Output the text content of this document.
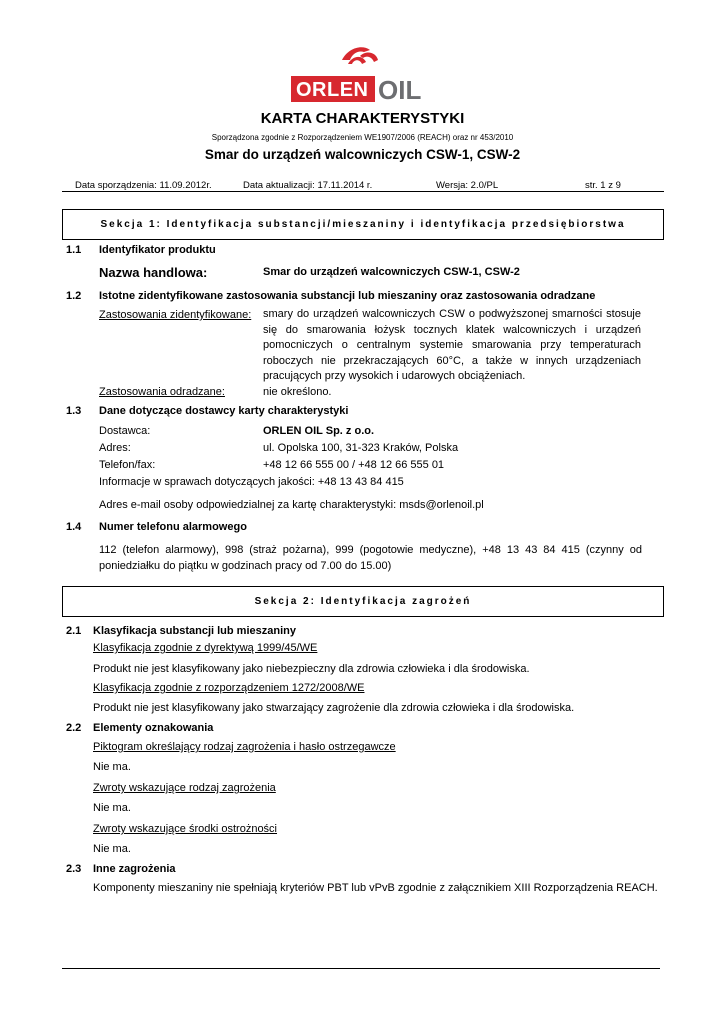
ORLEN OIL
KARTA CHARAKTERYSTYKI
Sporządzona zgodnie z Rozporządzeniem WE1907/2006 (REACH) oraz nr 453/2010
Smar do urządzeń walcowniczych CSW-1, CSW-2
Data sporządzenia: 11.09.2012r.	Data aktualizacji: 17.11.2014 r.	Wersja: 2.0/PL	str. 1 z 9
Sekcja 1: Identyfikacja substancji/mieszaniny i identyfikacja przedsiębiorstwa
1.1 Identyfikator produktu
Nazwa handlowa:	Smar do urządzeń walcowniczych CSW-1, CSW-2
1.2 Istotne zidentyfikowane zastosowania substancji lub mieszaniny oraz zastosowania odradzane
Zastosowania zidentyfikowane: smary do urządzeń walcowniczych CSW o podwyższonej smarności stosuje się do smarowania łożysk tocznych klatek walcowniczych i urządzeń pomocniczych o centralnym systemie smarowania przy temperaturach roboczych nie przekraczających 60°C, a także w innych urządzeniach pracujących przy wysokich i udarowych obciążeniach.
Zastosowania odradzane:	nie określono.
1.3 Dane dotyczące dostawcy karty charakterystyki
Dostawca:	ORLEN OIL Sp. z o.o.
Adres:	ul. Opolska 100, 31-323 Kraków, Polska
Telefon/fax:	+48 12 66 555 00 / +48 12 66 555 01
Informacje w sprawach dotyczących jakości: +48 13 43 84 415
Adres e-mail osoby odpowiedzialnej za kartę charakterystyki: msds@orlenoil.pl
1.4 Numer telefonu alarmowego
112 (telefon alarmowy), 998 (straż pożarna), 999 (pogotowie medyczne), +48 13 43 84 415 (czynny od poniedziałku do piątku w godzinach pracy od 7.00 do 15.00)
Sekcja 2: Identyfikacja zagrożeń
2.1 Klasyfikacja substancji lub mieszaniny
Klasyfikacja zgodnie z dyrektywą 1999/45/WE
Produkt nie jest klasyfikowany jako niebezpieczny dla zdrowia człowieka i dla środowiska.
Klasyfikacja zgodnie z rozporządzeniem 1272/2008/WE
Produkt nie jest klasyfikowany jako stwarzający zagrożenie dla zdrowia człowieka i dla środowiska.
2.2 Elementy oznakowania
Piktogram określający rodzaj zagrożenia i hasło ostrzegawcze
Nie ma.
Zwroty wskazujące rodzaj zagrożenia
Nie ma.
Zwroty wskazujące środki ostrożności
Nie ma.
2.3 Inne zagrożenia
Komponenty mieszaniny nie spełniają kryteriów PBT lub vPvB zgodnie z załącznikiem XIII Rozporządzenia REACH.
